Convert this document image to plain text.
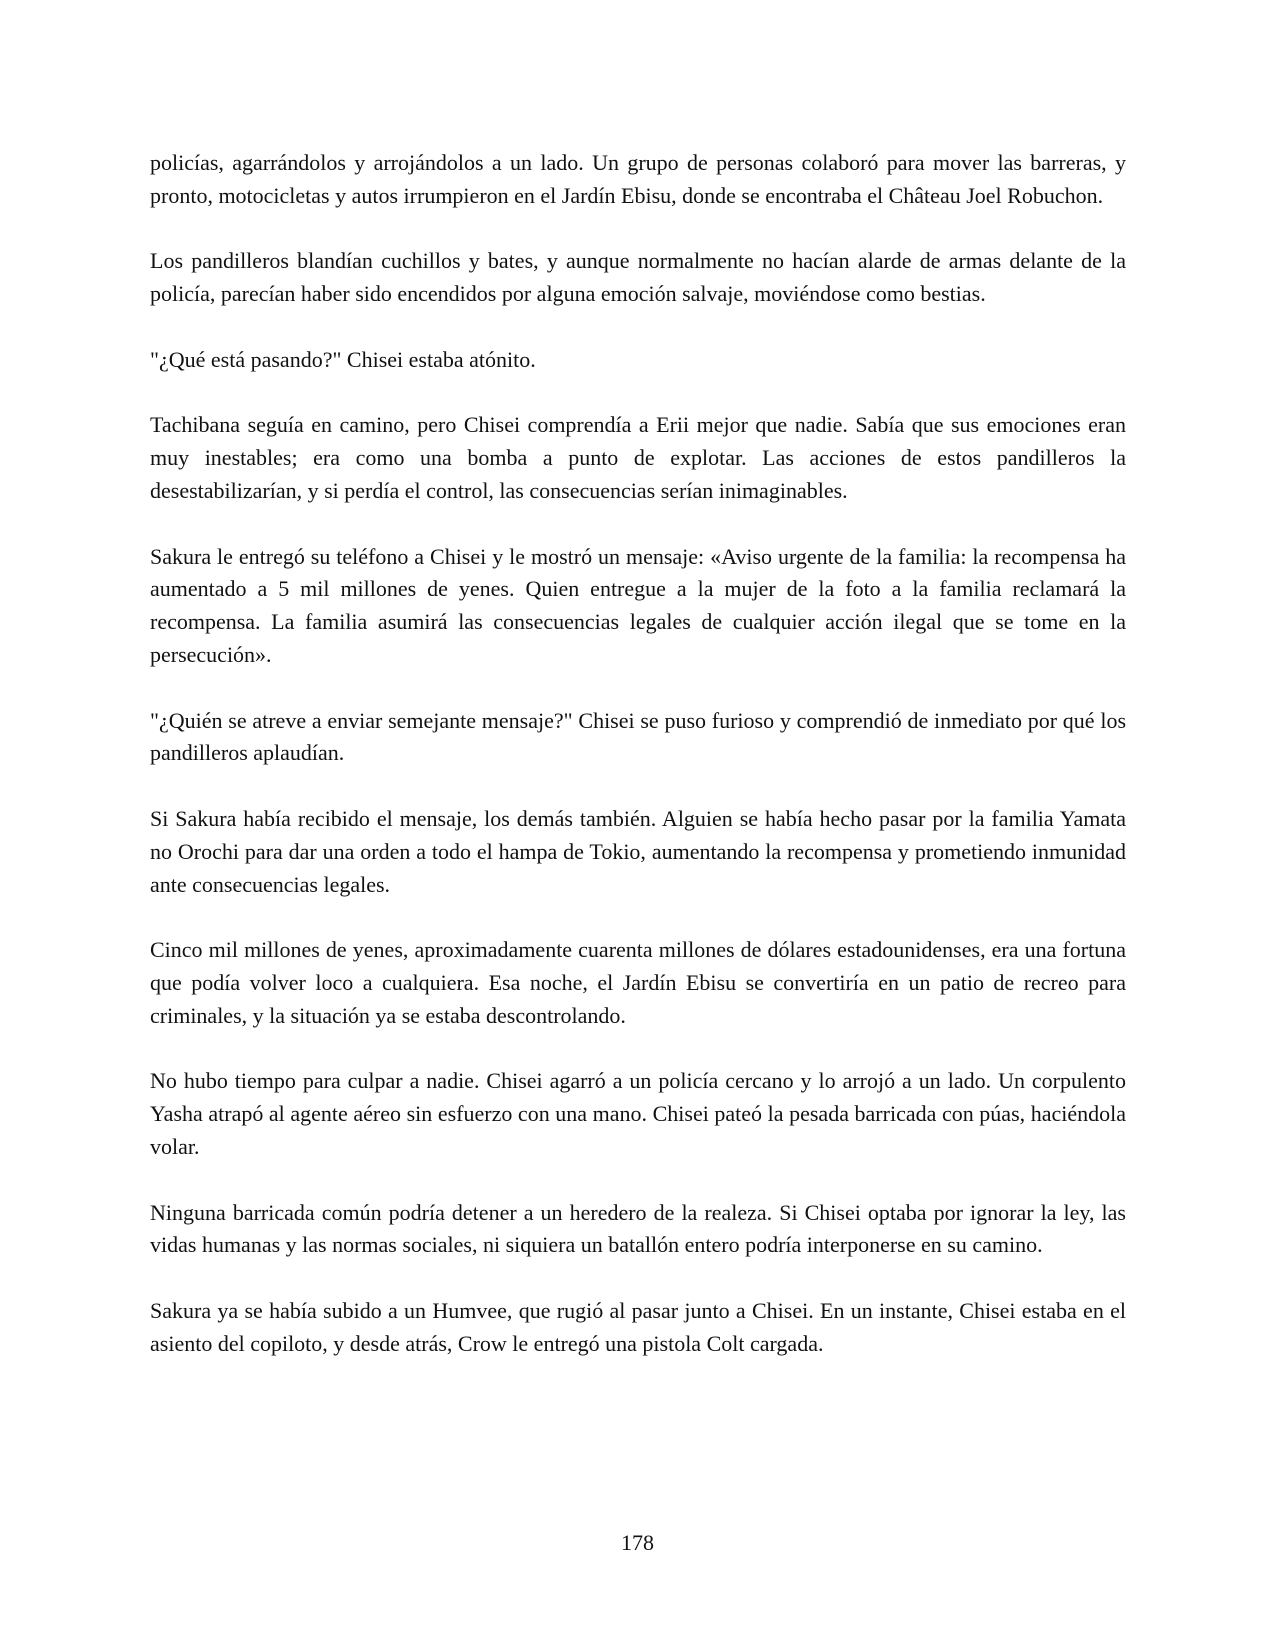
policías, agarrándolos y arrojándolos a un lado. Un grupo de personas colaboró para mover las barreras, y pronto, motocicletas y autos irrumpieron en el Jardín Ebisu, donde se encontraba el Château Joel Robuchon.

Los pandilleros blandían cuchillos y bates, y aunque normalmente no hacían alarde de armas delante de la policía, parecían haber sido encendidos por alguna emoción salvaje, moviéndose como bestias.

"¿Qué está pasando?" Chisei estaba atónito.

Tachibana seguía en camino, pero Chisei comprendía a Erii mejor que nadie. Sabía que sus emociones eran muy inestables; era como una bomba a punto de explotar. Las acciones de estos pandilleros la desestabilizarían, y si perdía el control, las consecuencias serían inimaginables.

Sakura le entregó su teléfono a Chisei y le mostró un mensaje: «Aviso urgente de la familia: la recompensa ha aumentado a 5 mil millones de yenes. Quien entregue a la mujer de la foto a la familia reclamará la recompensa. La familia asumirá las consecuencias legales de cualquier acción ilegal que se tome en la persecución».

"¿Quién se atreve a enviar semejante mensaje?" Chisei se puso furioso y comprendió de inmediato por qué los pandilleros aplaudían.

Si Sakura había recibido el mensaje, los demás también. Alguien se había hecho pasar por la familia Yamata no Orochi para dar una orden a todo el hampa de Tokio, aumentando la recompensa y prometiendo inmunidad ante consecuencias legales.

Cinco mil millones de yenes, aproximadamente cuarenta millones de dólares estadounidenses, era una fortuna que podía volver loco a cualquiera. Esa noche, el Jardín Ebisu se convertiría en un patio de recreo para criminales, y la situación ya se estaba descontrolando.

No hubo tiempo para culpar a nadie. Chisei agarró a un policía cercano y lo arrojó a un lado. Un corpulento Yasha atrapó al agente aéreo sin esfuerzo con una mano. Chisei pateó la pesada barricada con púas, haciéndola volar.

Ninguna barricada común podría detener a un heredero de la realeza. Si Chisei optaba por ignorar la ley, las vidas humanas y las normas sociales, ni siquiera un batallón entero podría interponerse en su camino.

Sakura ya se había subido a un Humvee, que rugió al pasar junto a Chisei. En un instante, Chisei estaba en el asiento del copiloto, y desde atrás, Crow le entregó una pistola Colt cargada.

178
